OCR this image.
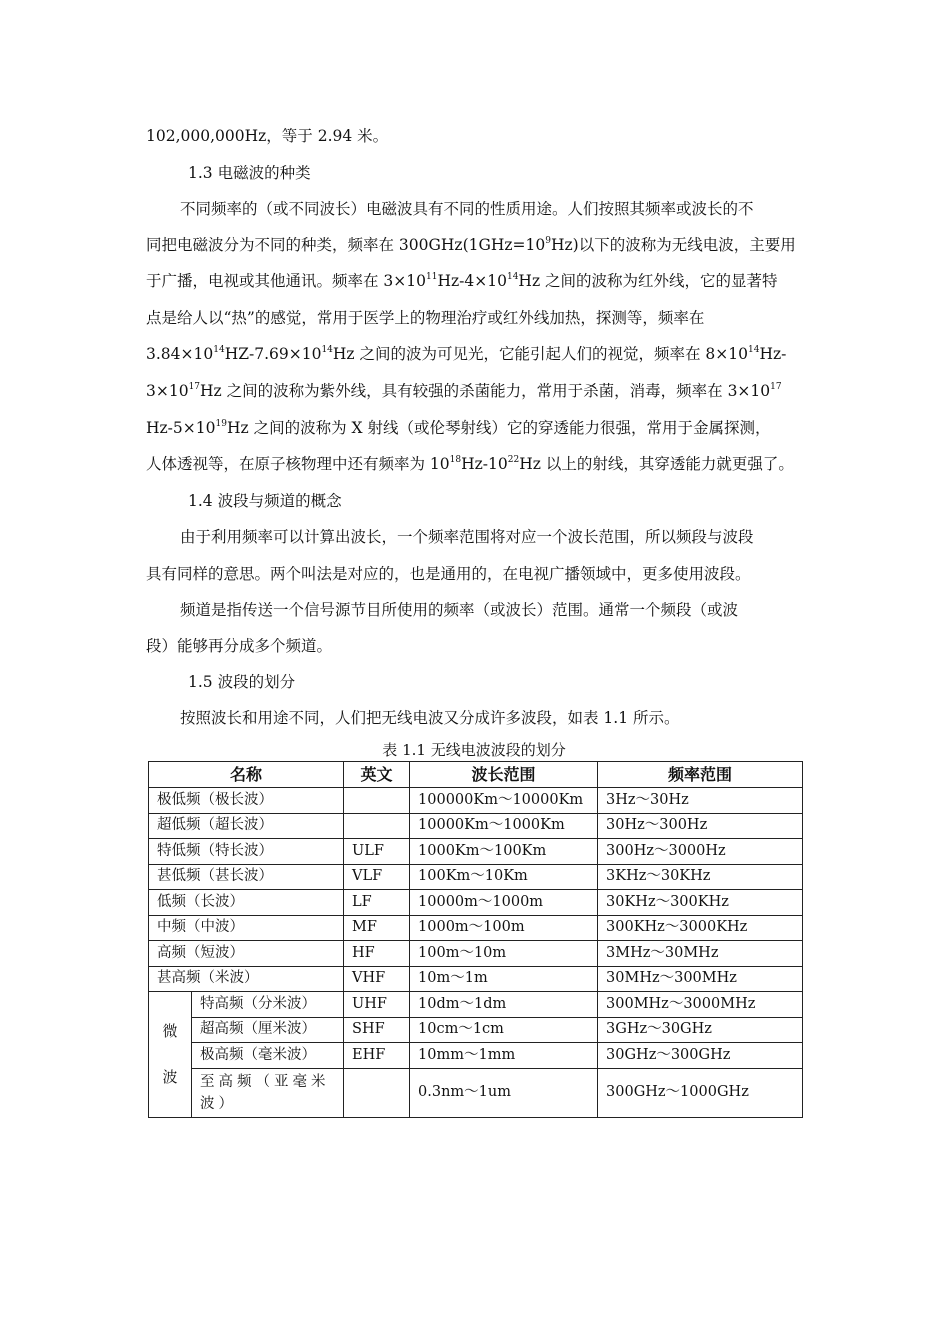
102,000,000Hz，等于 2.94 米。
1.3 电磁波的种类
不同频率的（或不同波长）电磁波具有不同的性质用途。人们按照其频率或波长的不
同把电磁波分为不同的种类，频率在 $300GHz(1GHz=10^9Hz)$以下的波称为无线电波，主要用
于广播，电视或其他通讯。频率在 $3\times 10^{11}Hz-4\times 10^{14}Hz$ 之间的波称为红外线，它的显著特
点是给人以“热”的感觉，常用于医学上的物理治疗或红外线加热，探测等，频率在
$3.84\times 10^{14}HZ-7.69\times 10^{14}Hz$ 之间的波为可见光，它能引起人们的视觉，频率在 $8\times 10^{14}Hz-$
$3\times 10^{17}Hz$ 之间的波称为紫外线，具有较强的杀菌能力，常用于杀菌，消毒，频率在 $3\times 10^{17}$
$Hz-5\times 10^{19}Hz$ 之间的波称为 X 射线（或伦琴射线）它的穿透能力很强，常用于金属探测，
人体透视等，在原子核物理中还有频率为 $10^{18}Hz-10^{22}Hz$ 以上的射线，其穿透能力就更强了。
1.4 波段与频道的概念
由于利用频率可以计算出波长，一个频率范围将对应一个波长范围，所以频段与波段
具有同样的意思。两个叫法是对应的，也是通用的，在电视广播领域中，更多使用波段。
频道是指传送一个信号源节目所使用的频率（或波长）范围。通常一个频段（或波
段）能够再分成多个频道。
1.5 波段的划分
按照波长和用途不同，人们把无线电波又分成许多波段，如表 1.1 所示。
表 1.1 无线电波波段的划分
名称		英文	波长范围	频率范围
极低频（极长波）			100000Km～10000Km	3Hz～30Hz
超低频（超长波）			10000Km～1000Km	30Hz～300Hz
特低频（特长波）		ULF	1000Km～100Km	300Hz～3000Hz
甚低频（甚长波）		VLF	100Km～10Km	3KHz～30KHz
低频（长波）		LF	10000m～1000m	30KHz～300KHz
中频（中波）		MF	1000m～100m	300KHz～3000KHz
高频（短波）		HF	100m～10m	3MHz～30MHz
甚高频（米波）		VHF	10m～1m	30MHz～300MHz

微
波	特高频（分米波）	UHF	10dm～1dm	300MHz～3000MHz
	超高频（厘米波）	SHF	10cm～1cm	3GHz～30GHz
	极高频（毫米波）	EHF	10mm～1mm	30GHz～300GHz
	至高频（亚毫米波）		0.3nm～1um	300GHz～1000GHz
